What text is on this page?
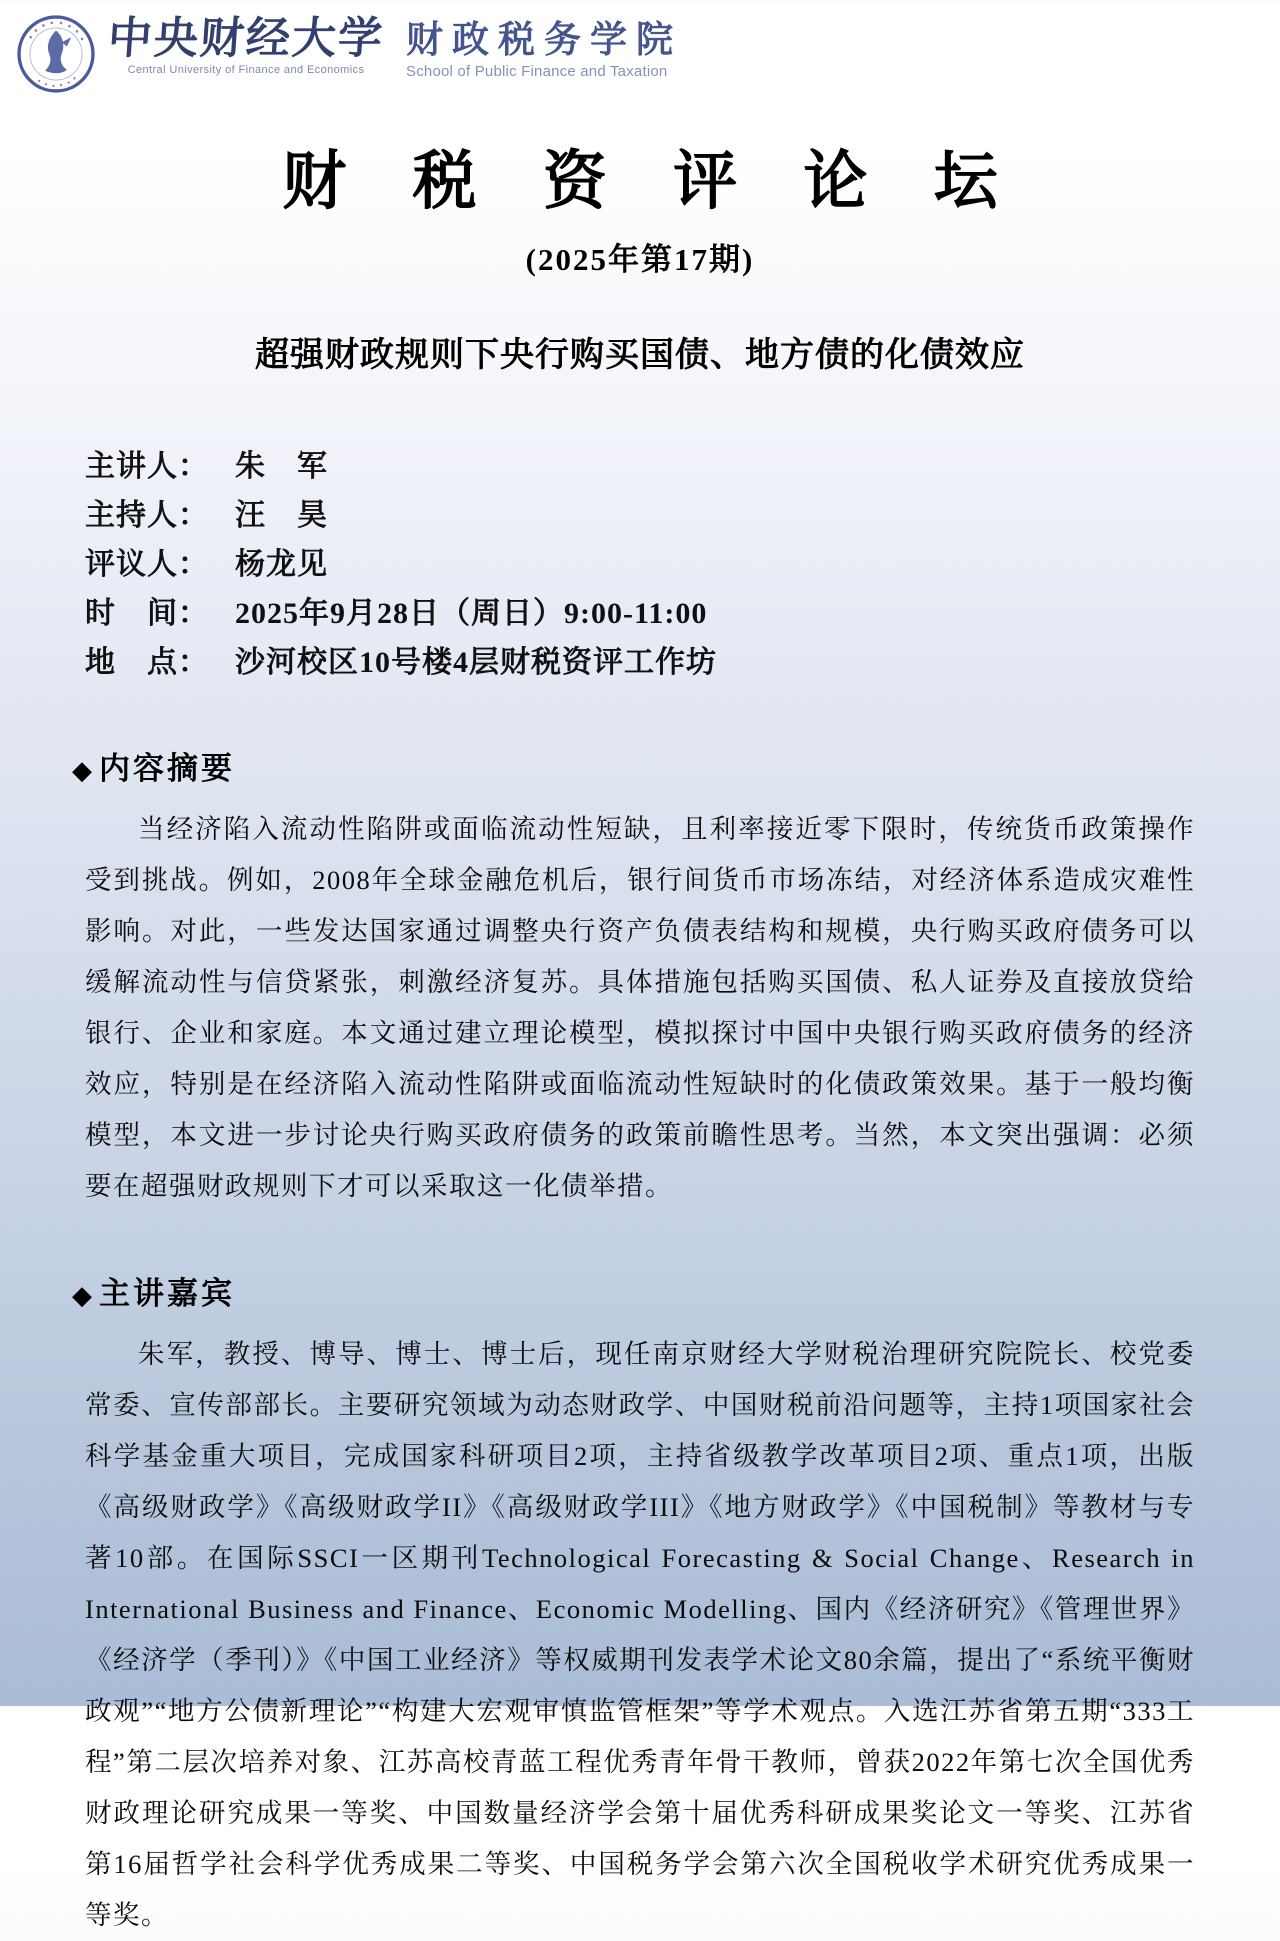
中央财经大学
Central University of Finance and Economics
财政税务学院
School of Public Finance and Taxation
财 税 资 评 论 坛
(2025年第17期)
超强财政规则下央行购买国债、地方债的化债效应
主讲人： 朱　军
主持人： 汪　昊
评议人： 杨龙见
时　间： 2025年9月28日（周日）9:00-11:00
地　点： 沙河校区10号楼4层财税资评工作坊
◆ 内容摘要
当经济陷入流动性陷阱或面临流动性短缺，且利率接近零下限时，传统货币政策操作受到挑战。例如，2008年全球金融危机后，银行间货币市场冻结，对经济体系造成灾难性影响。对此，一些发达国家通过调整央行资产负债表结构和规模，央行购买政府债务可以缓解流动性与信贷紧张，刺激经济复苏。具体措施包括购买国债、私人证券及直接放贷给银行、企业和家庭。本文通过建立理论模型，模拟探讨中国中央银行购买政府债务的经济效应，特别是在经济陷入流动性陷阱或面临流动性短缺时的化债政策效果。基于一般均衡模型，本文进一步讨论央行购买政府债务的政策前瞻性思考。当然，本文突出强调：必须要在超强财政规则下才可以采取这一化债举措。
◆ 主讲嘉宾
朱军，教授、博导、博士、博士后，现任南京财经大学财税治理研究院院长、校党委常委、宣传部部长。主要研究领域为动态财政学、中国财税前沿问题等，主持1项国家社会科学基金重大项目，完成国家科研项目2项，主持省级教学改革项目2项、重点1项，出版《高级财政学》《高级财政学II》《高级财政学III》《地方财政学》《中国税制》等教材与专著10部。在国际SSCI一区期刊Technological Forecasting & Social Change、Research in International Business and Finance、Economic Modelling、国内《经济研究》《管理世界》《经济学（季刊）》《中国工业经济》等权威期刊发表学术论文80余篇，提出了“系统平衡财政观”“地方公债新理论”“构建大宏观审慎监管框架”等学术观点。入选江苏省第五期“333工程”第二层次培养对象、江苏高校青蓝工程优秀青年骨干教师，曾获2022年第七次全国优秀财政理论研究成果一等奖、中国数量经济学会第十届优秀科研成果奖论文一等奖、江苏省第16届哲学社会科学优秀成果二等奖、中国税务学会第六次全国税收学术研究优秀成果一等奖。
